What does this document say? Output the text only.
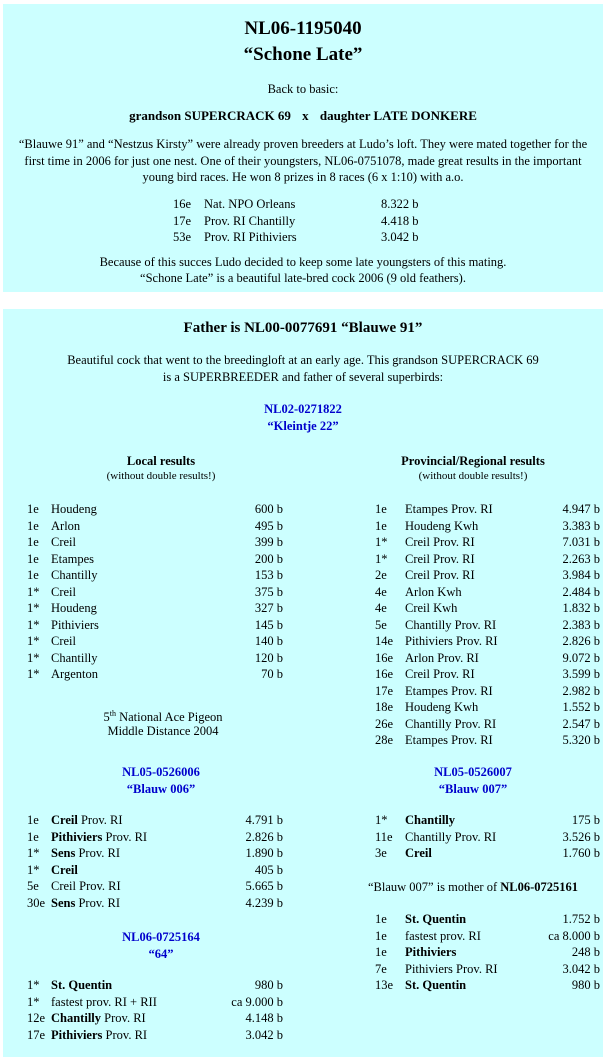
NL06-1195040
“Schone Late”
Back to basic:
grandson SUPERCRACK 69 x daughter LATE DONKERE
“Blauwe 91” and “Nestzus Kirsty” were already proven breeders at Ludo’s loft. They were mated together for the first time in 2006 for just one nest. One of their youngsters, NL06-0751078, made great results in the important young bird races. He won 8 prizes in 8 races (6 x 1:10) with a.o.
16e Nat. NPO Orleans	8.322 b
17e Prov. RI Chantilly	4.418 b
53e Prov. RI Pithiviers	3.042 b
Because of this succes Ludo decided to keep some late youngsters of this mating.
“Schone Late” is a beautiful late-bred cock 2006 (9 old feathers).
Father is NL00-0077691 “Blauwe 91”
Beautiful cock that went to the breedingloft at an early age. This grandson SUPERCRACK 69
is a SUPERBREEDER and father of several superbirds:
NL02-0271822
“Kleintje 22”
Local results
(without double results!)
Provincial/Regional results
(without double results!)
1e Houdeng	600 b
1e Arlon	495 b
1e Creil	399 b
1e Etampes	200 b
1e Chantilly	153 b
1* Creil	375 b
1* Houdeng	327 b
1* Pithiviers	145 b
1* Creil	140 b
1* Chantilly	120 b
1* Argenton	70 b
1e Etampes Prov. RI	4.947 b
1e Houdeng Kwh	3.383 b
1* Creil Prov. RI	7.031 b
1* Creil Prov. RI	2.263 b
2e Creil Prov. RI	3.984 b
4e Arlon Kwh	2.484 b
4e Creil Kwh	1.832 b
5e Chantilly Prov. RI	2.383 b
14e Pithiviers Prov. RI	2.826 b
16e Arlon Prov. RI	9.072 b
16e Creil Prov. RI	3.599 b
17e Etampes Prov. RI	2.982 b
18e Houdeng Kwh	1.552 b
26e Chantilly Prov. RI	2.547 b
28e Etampes Prov. RI	5.320 b
5th National Ace Pigeon
Middle Distance 2004
NL05-0526006
“Blauw 006”
1e Creil Prov. RI	4.791 b
1e Pithiviers Prov. RI	2.826 b
1* Sens Prov. RI	1.890 b
1* Creil	405 b
5e Creil Prov. RI	5.665 b
30e Sens Prov. RI	4.239 b
NL06-0725164
“64”
1* St. Quentin	980 b
1* fastest prov. RI + RII	ca 9.000 b
12e Chantilly Prov. RI	4.148 b
17e Pithiviers Prov. RI	3.042 b
NL05-0526007
“Blauw 007”
1* Chantilly	175 b
11e Chantilly Prov. RI	3.526 b
3e Creil	1.760 b
“Blauw 007” is mother of NL06-0725161
1e St. Quentin	1.752 b
1e fastest prov. RI	ca 8.000 b
1e Pithiviers	248 b
7e Pithiviers Prov. RI	3.042 b
13e St. Quentin	980 b
